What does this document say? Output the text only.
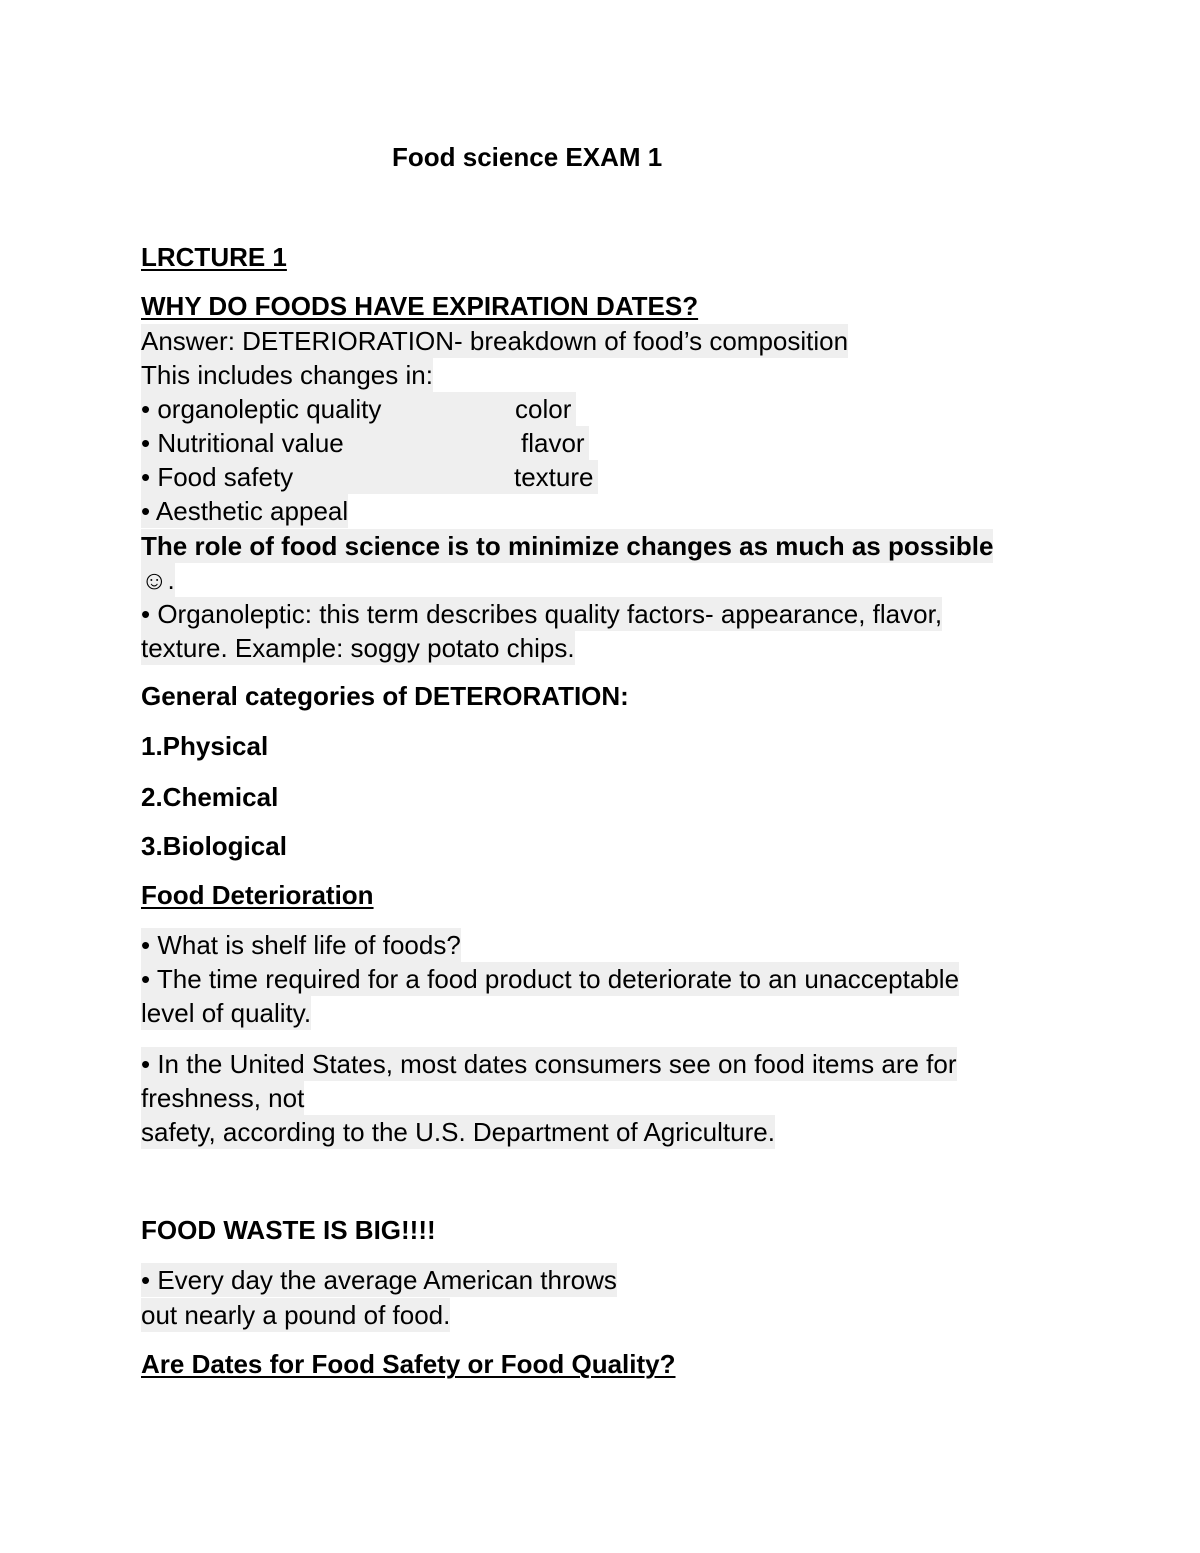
Food science EXAM 1
LRCTURE 1
WHY DO FOODS HAVE EXPIRATION DATES?
Answer: DETERIORATION- breakdown of food’s composition
This includes changes in:
• organoleptic quality	color
• Nutritional value	flavor
• Food safety	texture
• Aesthetic appeal
The role of food science is to minimize changes as much as possible
☺.
• Organoleptic: this term describes quality factors- appearance, flavor,
texture. Example: soggy potato chips.
General categories of DETERORATION:
1.Physical
2.Chemical
3.Biological
Food Deterioration
• What is shelf life of foods?
• The time required for a food product to deteriorate to an unacceptable
level of quality.
• In the United States, most dates consumers see on food items are for
freshness, not
safety, according to the U.S. Department of Agriculture.
FOOD WASTE IS BIG!!!!
• Every day the average American throws
out nearly a pound of food.
Are Dates for Food Safety or Food Quality?
